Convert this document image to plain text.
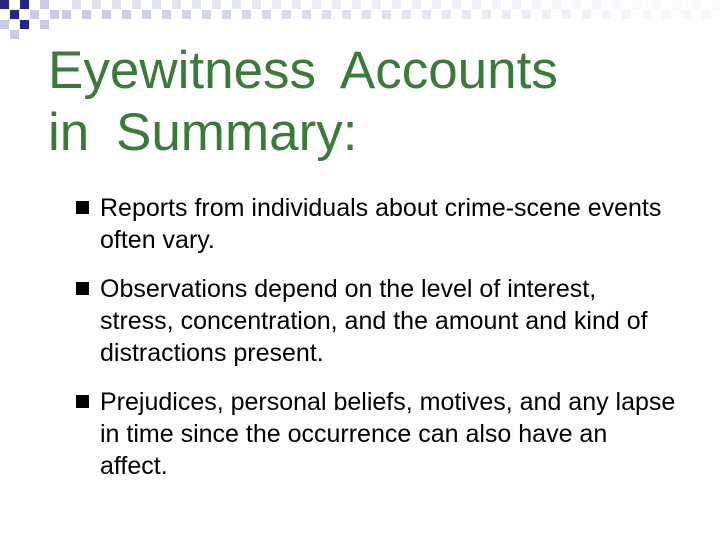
Eyewitness Accounts
in Summary:
Reports from individuals about crime-scene events often vary.
Observations depend on the level of interest, stress, concentration, and the amount and kind of distractions present.
Prejudices, personal beliefs, motives, and any lapse in time since the occurrence can also have an affect.
